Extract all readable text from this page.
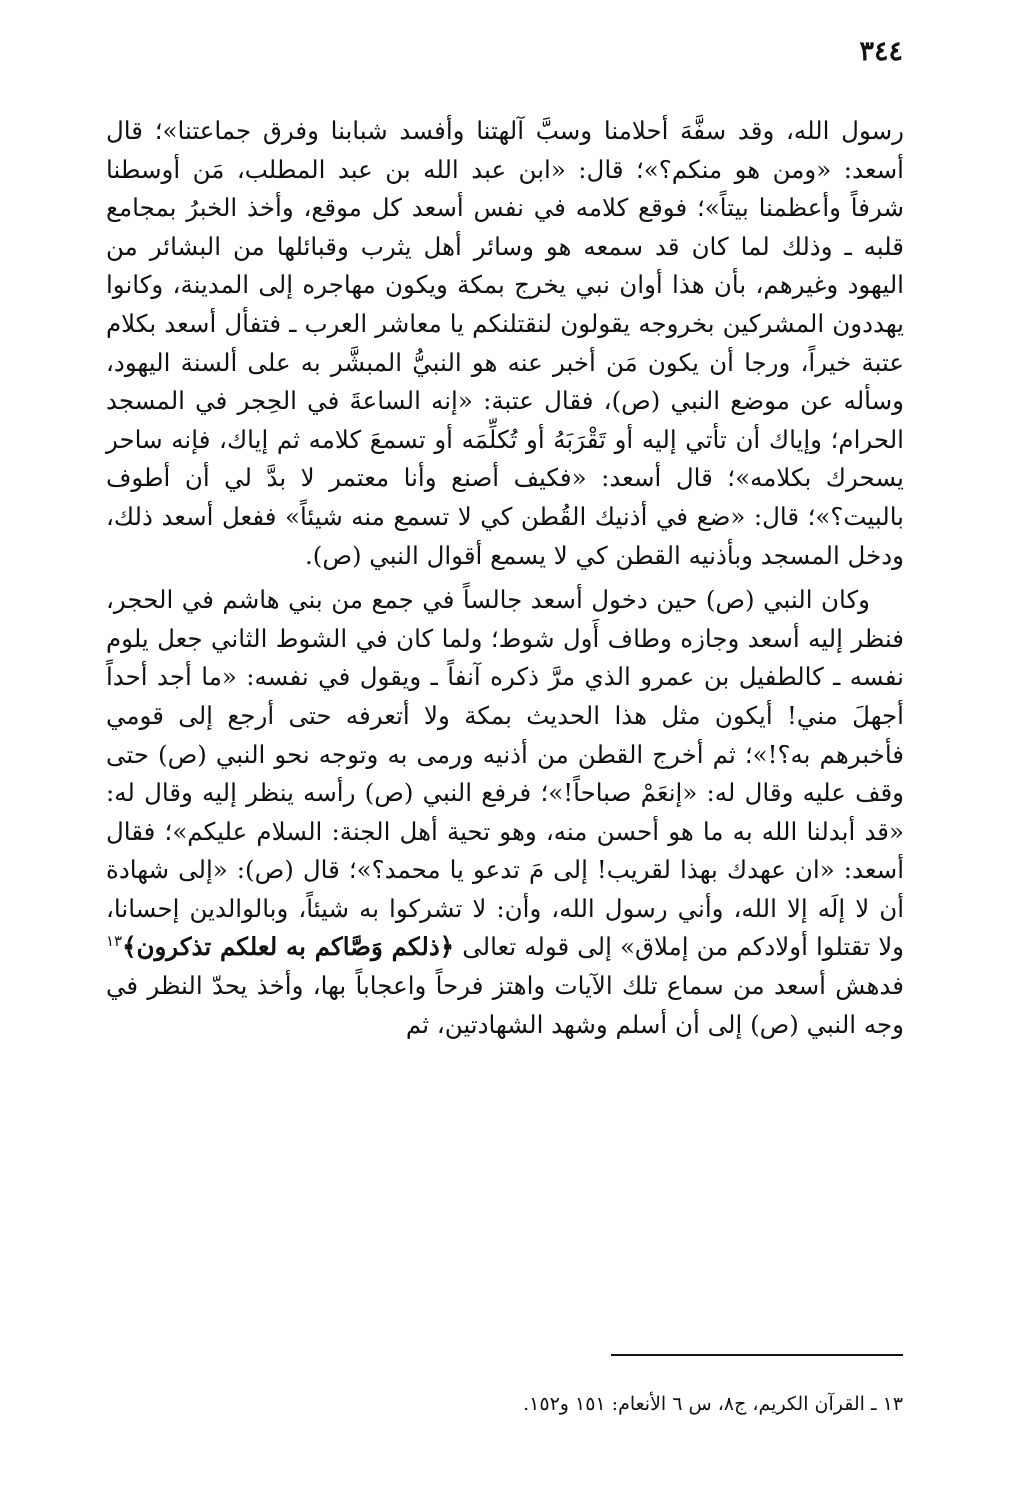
٣٤٤

رسول الله، وقد سفَّهَ أحلامنا وسبَّ آلهتنا وأفسد شبابنا وفرق جماعتنا»؛ قال أسعد: «ومن هو منكم؟»؛ قال: «ابن عبد الله بن عبد المطلب، مَن أوسطنا شرفاً وأعظمنا بيتاً»؛ فوقع كلامه في نفس أسعد كل موقع، وأخذ الخبرُ بمجامع قلبه ـ وذلك لما كان قد سمعه هو وسائر أهل يثرب وقبائلها من البشائر من اليهود وغيرهم، بأن هذا أوان نبي يخرج بمكة ويكون مهاجره إلى المدينة، وكانوا يهددون المشركين بخروجه يقولون لنقتلنكم يا معاشر العرب ـ فتفأل أسعد بكلام عتبة خيراً، ورجا أن يكون مَن أخبر عنه هو النبيُّ المبشَّر به على ألسنة اليهود، وسأله عن موضع النبي (ص)، فقال عتبة: «إنه الساعةَ في الحِجر في المسجد الحرام؛ وإياك أن تأتي إليه أو تَقْرَبَهُ أو تُكلِّمَه أو تسمعَ كلامه ثم إياك، فإنه ساحر يسحرك بكلامه»؛ قال أسعد: «فكيف أصنع وأنا معتمر لا بدَّ لي أن أطوف بالبيت؟»؛ قال: «ضع في أذنيك القُطن كي لا تسمع منه شيئاً» ففعل أسعد ذلك، ودخل المسجد وبأذنيه القطن كي لا يسمع أقوال النبي (ص).

وكان النبي (ص) حين دخول أسعد جالساً في جمع من بني هاشم في الحجر، فنظر إليه أسعد وجازه وطاف أَول شوط؛ ولما كان في الشوط الثاني جعل يلوم نفسه ـ كالطفيل بن عمرو الذي مرَّ ذكره آنفاً ـ ويقول في نفسه: «ما أجد أحداً أجهلَ مني! أيكون مثل هذا الحديث بمكة ولا أتعرفه حتى أرجع إلى قومي فأخبرهم به؟!»؛ ثم أخرج القطن من أذنيه ورمى به وتوجه نحو النبي (ص) حتى وقف عليه وقال له: «إنعَمْ صباحاً!»؛ فرفع النبي (ص) رأسه ينظر إليه وقال له: «قد أبدلنا الله به ما هو أحسن منه، وهو تحية أهل الجنة: السلام عليكم»؛ فقال أسعد: «ان عهدك بهذا لقريب! إلى مَ تدعو يا محمد؟»؛ قال (ص): «إلى شهادة أن لا إلَه إلا الله، وأني رسول الله، وأن: لا تشركوا به شيئاً، وبالوالدين إحسانا، ولا تقتلوا أولادكم من إملاق» إلى قوله تعالى ﴿ذلكم وَصَّاكم به لعلكم تذكرون﴾$^{١٣}$ فدهش أسعد من سماع تلك الآيات واهتز فرحاً واعجاباً بها، وأخذ يحدّ النظر في وجه النبي (ص) إلى أن أسلم وشهد الشهادتين، ثم

١٣ ـ القرآن الكريم، ج٨، س ٦ الأنعام: ١٥١ و١٥٢.
